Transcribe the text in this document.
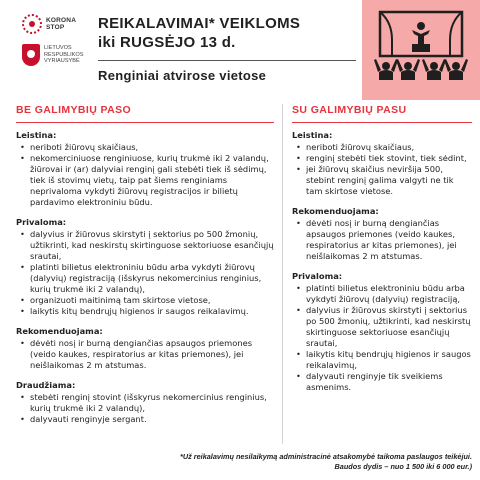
KORONA
STOP
LIETUVOS
RESPUBLIKOS
VYRIAUSYBĖ
REIKALAVIMAI* VEIKLOMS
iki RUGSĖJO 13 d.
Renginiai atvirose vietose
BE GALIMYBIŲ PASO	SU GALIMYBIŲ PASU
Leistina:
• neriboti žiūrovų skaičiaus,
• nekomerciniuose renginiuose, kurių trukmė iki 2 valandų, žiūrovai ir (ar) dalyviai renginį gali stebėti tiek iš sėdimų, tiek iš stovimų vietų, taip pat šiems renginiams neprivaloma vykdyti žiūrovų registracijos ir bilietų pardavimo elektroniniu būdu.
Privaloma:
• dalyvius ir žiūrovus skirstyti į sektorius po 500 žmonių, užtikrinti, kad neskirstų skirtinguose sektoriuose esančiųjų srautai,
• platinti bilietus elektroniniu būdu arba vykdyti žiūrovų (dalyvių) registraciją (išskyrus nekomercinius renginius, kurių trukmė iki 2 valandų),
• organizuoti maitinimą tam skirtose vietose,
• laikytis kitų bendrųjų higienos ir saugos reikalavimų.
Rekomenduojama:
• dėvėti nosį ir burną dengiančias apsaugos priemones (veido kaukes, respiratorius ar kitas priemones), jei neišlaikomas 2 m atstumas.
Draudžiama:
• stebėti renginį stovint (išskyrus nekomercinius renginius, kurių trukmė iki 2 valandų),
• dalyvauti renginyje sergant.
Leistina:
• neriboti žiūrovų skaičiaus,
• renginį stebėti tiek stovint, tiek sėdint,
• jei žiūrovų skaičius neviršija 500, stebint renginį galima valgyti ne tik tam skirtose vietose.
Rekomenduojama:
• dėvėti nosį ir burną dengiančias apsaugos priemones (veido kaukes, respiratorius ar kitas priemones), jei neišlaikomas 2 m atstumas.
Privaloma:
• platinti bilietus elektroniniu būdu arba vykdyti žiūrovų (dalyvių) registraciją,
• dalyvius ir žiūrovus skirstyti į sektorius po 500 žmonių, užtikrinti, kad neskirstų skirtinguose sektoriuose esančiųjų srautai,
• laikytis kitų bendrųjų higienos ir saugos reikalavimų,
• dalyvauti renginyje tik sveikiems asmenims.
*Už reikalavimų nesilaikymą administracinė atsakomybė taikoma paslaugos teikėjui.
Baudos dydis – nuo 1 500 iki 6 000 eur.)
